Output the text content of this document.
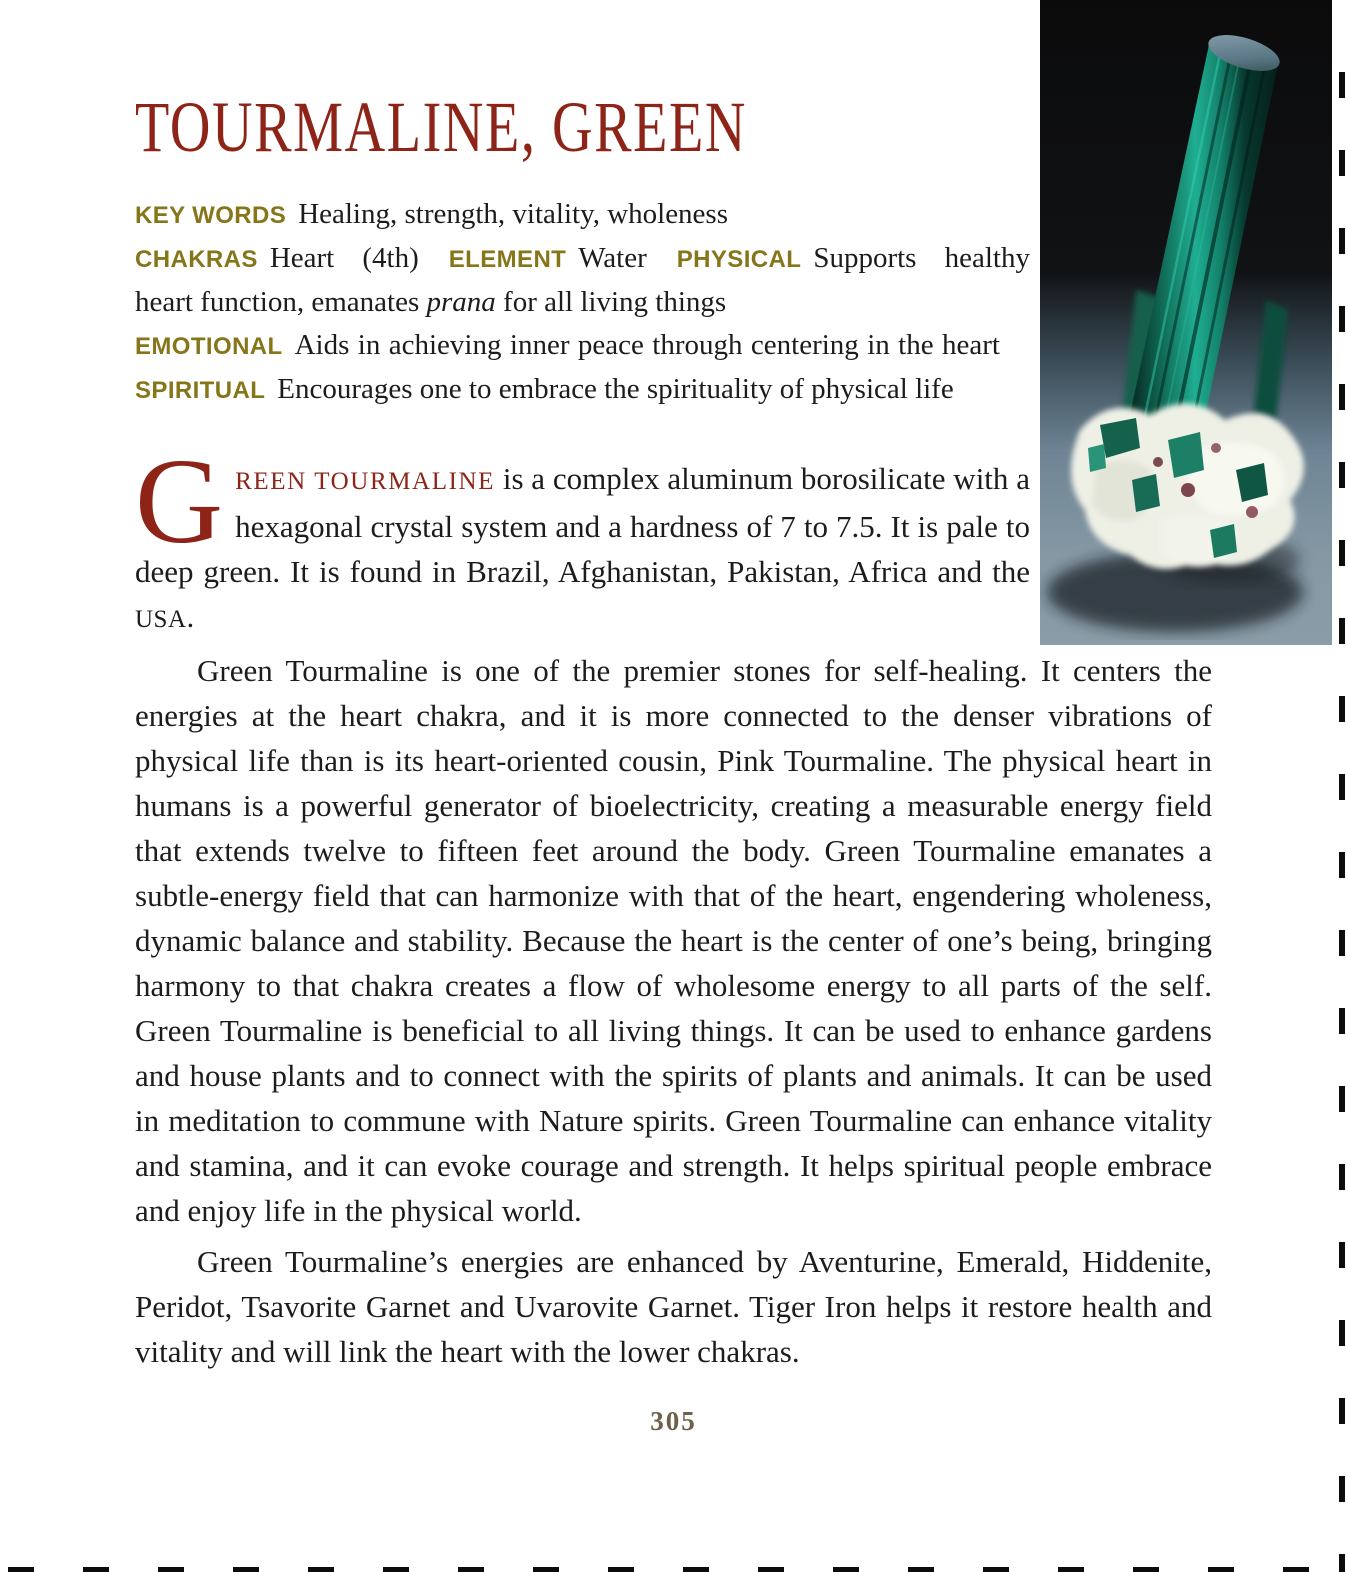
TOURMALINE, GREEN

KEY WORDS Healing, strength, vitality, wholeness

CHAKRAS Heart (4th) ELEMENT Water PHYSICAL Supports healthy heart function, emanates prana for all living things

EMOTIONAL Aids in achieving inner peace through centering in the heartSPIRITUAL Encourages one to embrace the spirituality of physical life

GREEN TOURMALINE is a complex aluminum borosilicate with a hexagonal crystal system and a hardness of 7 to 7.5. It is pale to deep green. It is found in Brazil, Afghanistan, Pakistan, Africa and the USA.

Green Tourmaline is one of the premier stones for self-healing. It centers the energies at the heart chakra, and it is more connected to the denser vibrations of physical life than is its heart-oriented cousin, Pink Tourmaline. The physical heart in humans is a powerful generator of bioelectricity, creating a measurable energy field that extends twelve to fifteen feet around the body. Green Tourmaline emanates a subtle-energy field that can harmonize with that of the heart, engendering wholeness, dynamic balance and stability. Because the heart is the center of one’s being, bringing harmony to that chakra creates a flow of wholesome energy to all parts of the self. Green Tourmaline is beneficial to all living things. It can be used to enhance gardens and house plants and to connect with the spirits of plants and animals. It can be used in meditation to commune with Nature spirits. Green Tourmaline can enhance vitality and stamina, and it can evoke courage and strength. It helps spiritual people embrace and enjoy life in the physical world.

Green Tourmaline’s energies are enhanced by Aventurine, Emerald, Hiddenite, Peridot, Tsavorite Garnet and Uvarovite Garnet. Tiger Iron helps it restore health and vitality and will link the heart with the lower chakras.

305
